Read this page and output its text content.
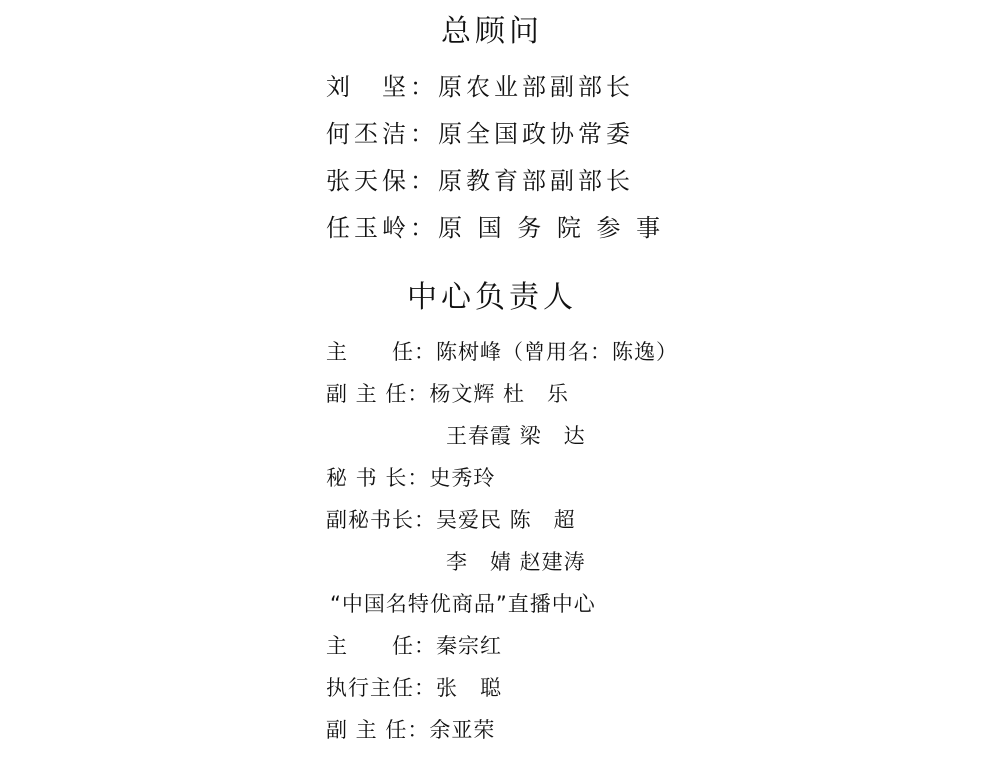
总顾问
刘　坚：原农业部副部长
何丕洁：原全国政协常委
张天保：原教育部副部长
任玉岭：原 国 务 院 参 事
中心负责人
主　　任：陈树峰（曾用名：陈逸）
副 主 任：杨文辉 杜　乐
王春霞 梁　达
秘 书 长：史秀玲
副秘书长：吴爱民 陈　超
李　婧 赵建涛
“中国名特优商品”直播中心
主　　任：秦宗红
执行主任：张　聪
副 主 任：余亚荣
